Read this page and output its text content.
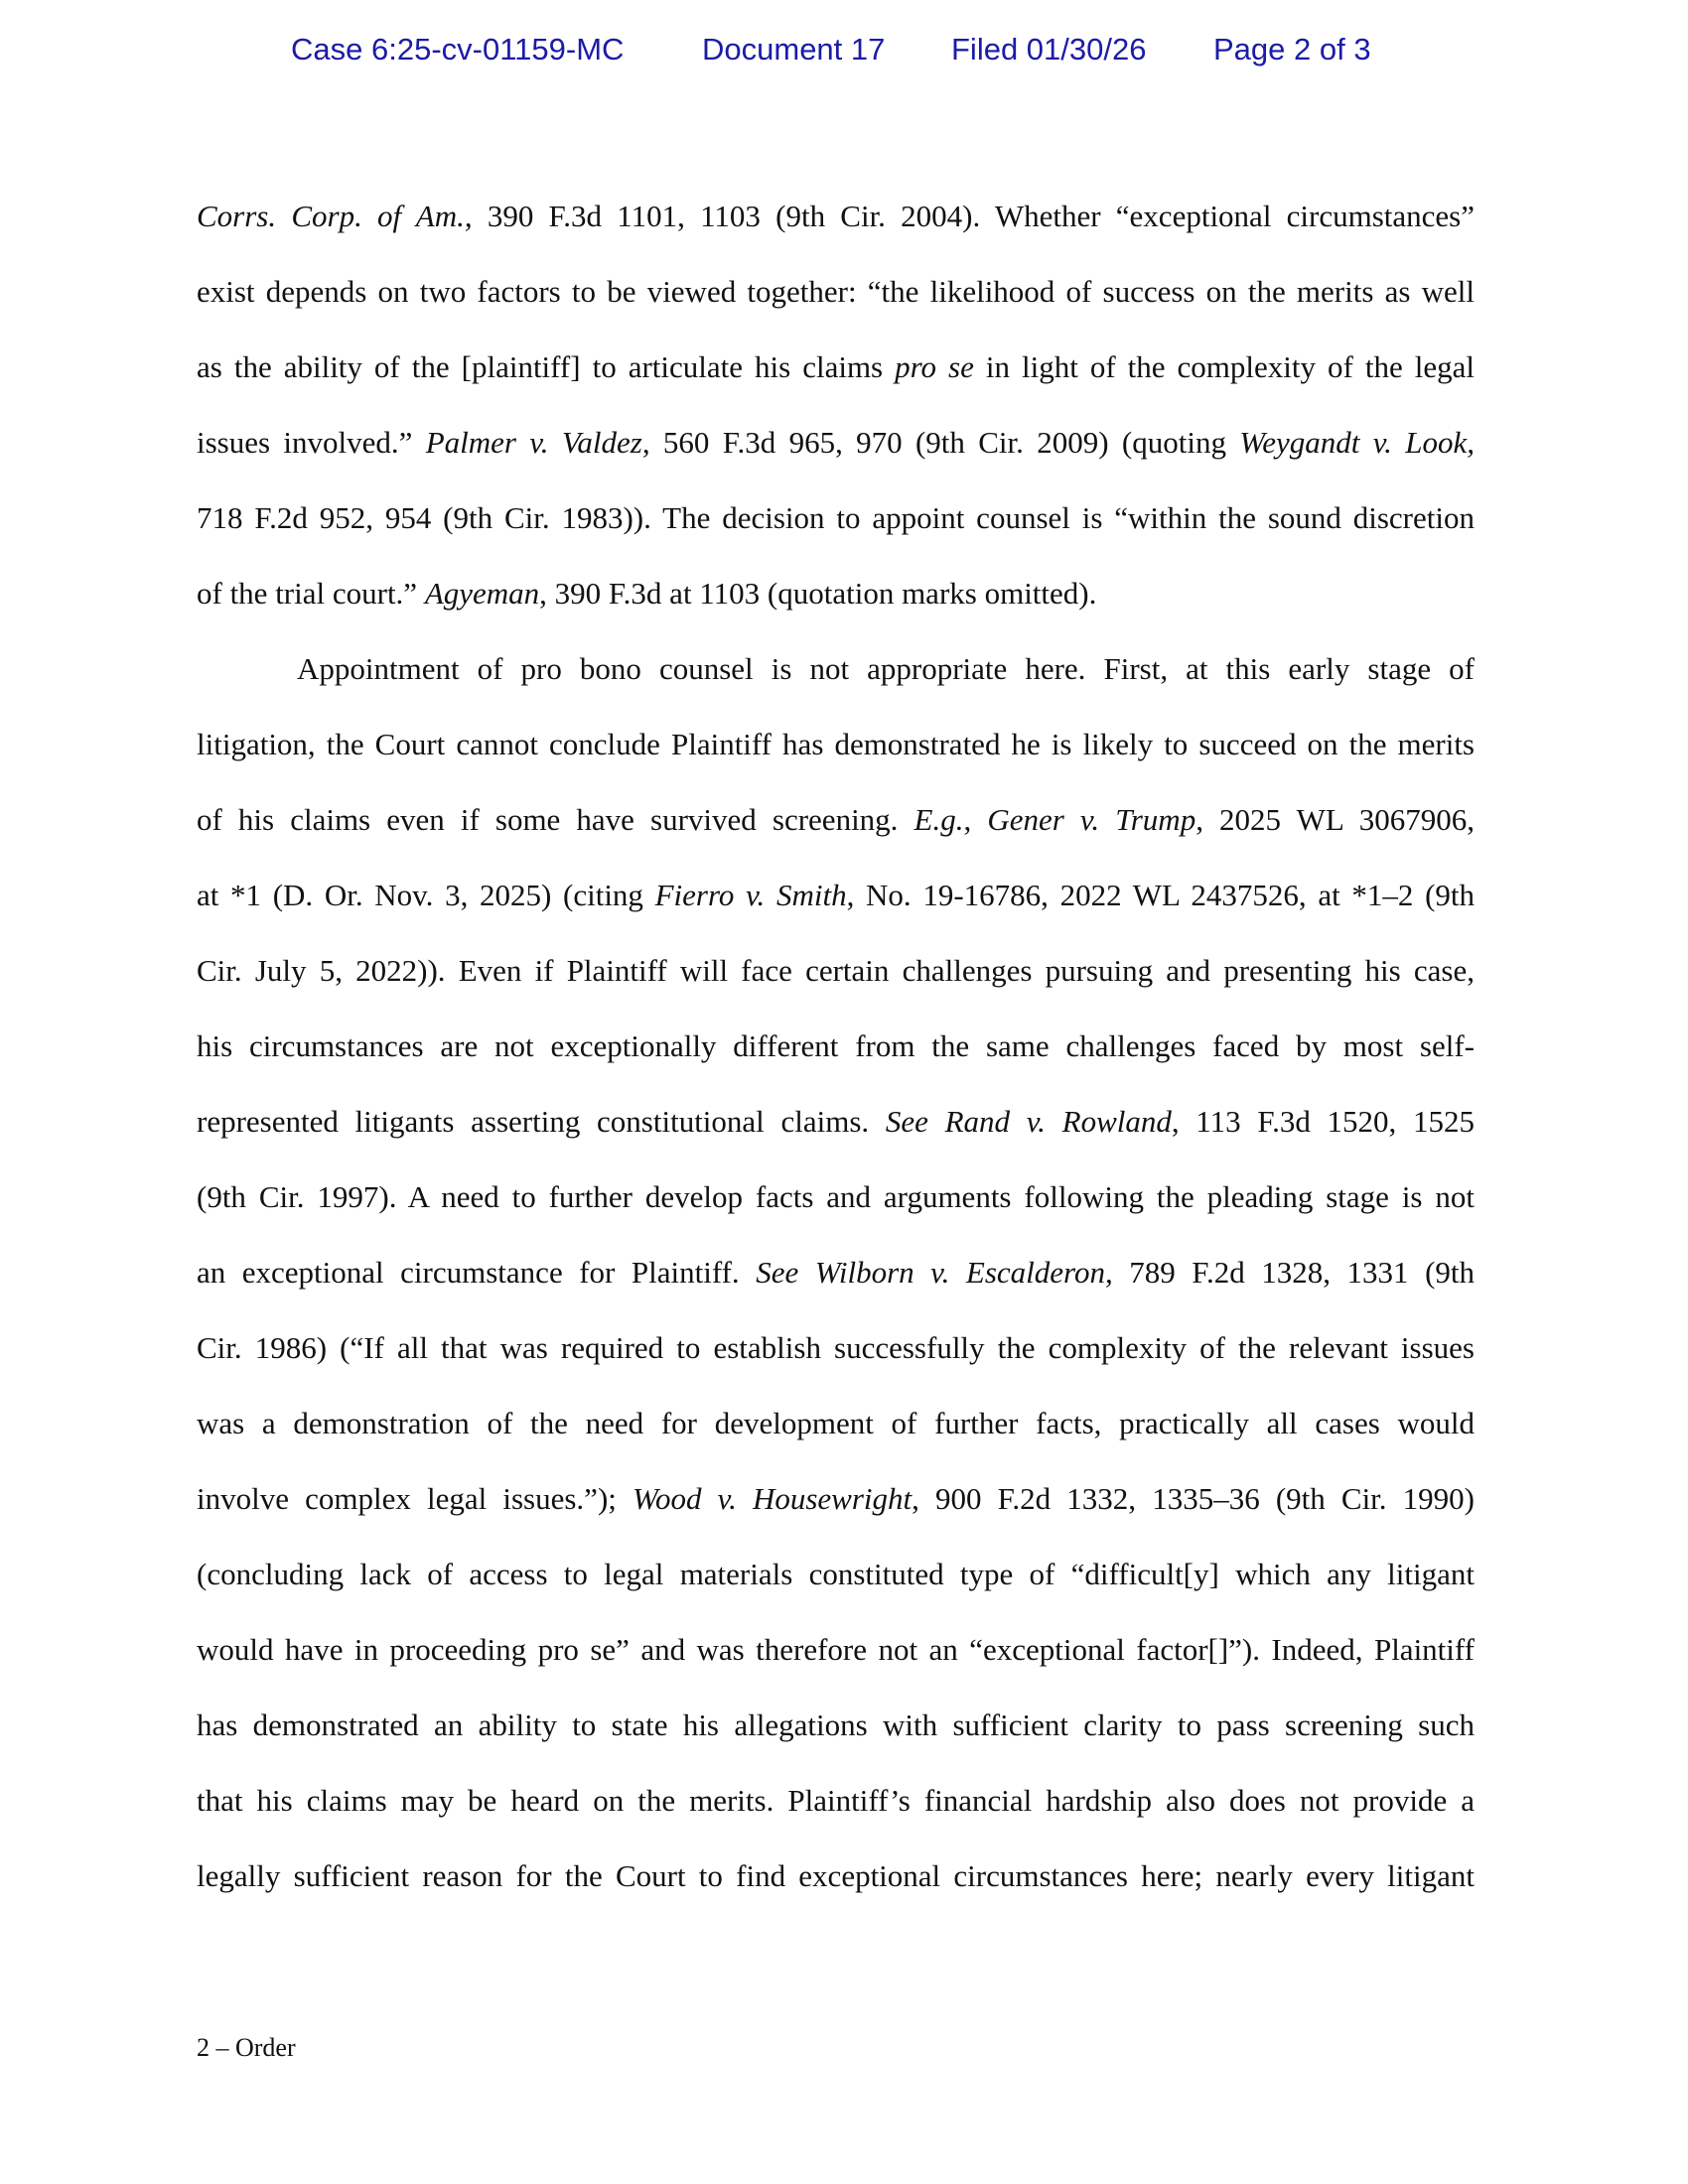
Case 6:25-cv-01159-MC	Document 17 Filed 01/30/26 Page 2 of 3
Corrs. Corp. of Am., 390 F.3d 1101, 1103 (9th Cir. 2004). Whether “exceptional circumstances”
exist depends on two factors to be viewed together: “the likelihood of success on the merits as well
as the ability of the [plaintiff] to articulate his claims pro se in light of the complexity of the legal
issues involved.” Palmer v. Valdez, 560 F.3d 965, 970 (9th Cir. 2009) (quoting Weygandt v. Look,
718 F.2d 952, 954 (9th Cir. 1983)). The decision to appoint counsel is “within the sound discretion
of the trial court.” Agyeman, 390 F.3d at 1103 (quotation marks omitted).
Appointment of pro bono counsel is not appropriate here. First, at this early stage of
litigation, the Court cannot conclude Plaintiff has demonstrated he is likely to succeed on the merits
of his claims even if some have survived screening. E.g., Gener v. Trump, 2025 WL 3067906,
at *1 (D. Or. Nov. 3, 2025) (citing Fierro v. Smith, No. 19-16786, 2022 WL 2437526, at *1–2 (9th
Cir. July 5, 2022)). Even if Plaintiff will face certain challenges pursuing and presenting his case,
his circumstances are not exceptionally different from the same challenges faced by most self-
represented litigants asserting constitutional claims. See Rand v. Rowland, 113 F.3d 1520, 1525
(9th Cir. 1997). A need to further develop facts and arguments following the pleading stage is not
an exceptional circumstance for Plaintiff. See Wilborn v. Escalderon, 789 F.2d 1328, 1331 (9th
Cir. 1986) (“If all that was required to establish successfully the complexity of the relevant issues
was a demonstration of the need for development of further facts, practically all cases would
involve complex legal issues.”); Wood v. Housewright, 900 F.2d 1332, 1335–36 (9th Cir. 1990)
(concluding lack of access to legal materials constituted type of “difficult[y] which any litigant
would have in proceeding pro se” and was therefore not an “exceptional factor[]”). Indeed, Plaintiff
has demonstrated an ability to state his allegations with sufficient clarity to pass screening such
that his claims may be heard on the merits. Plaintiff’s financial hardship also does not provide a
legally sufficient reason for the Court to find exceptional circumstances here; nearly every litigant
2 – Order
